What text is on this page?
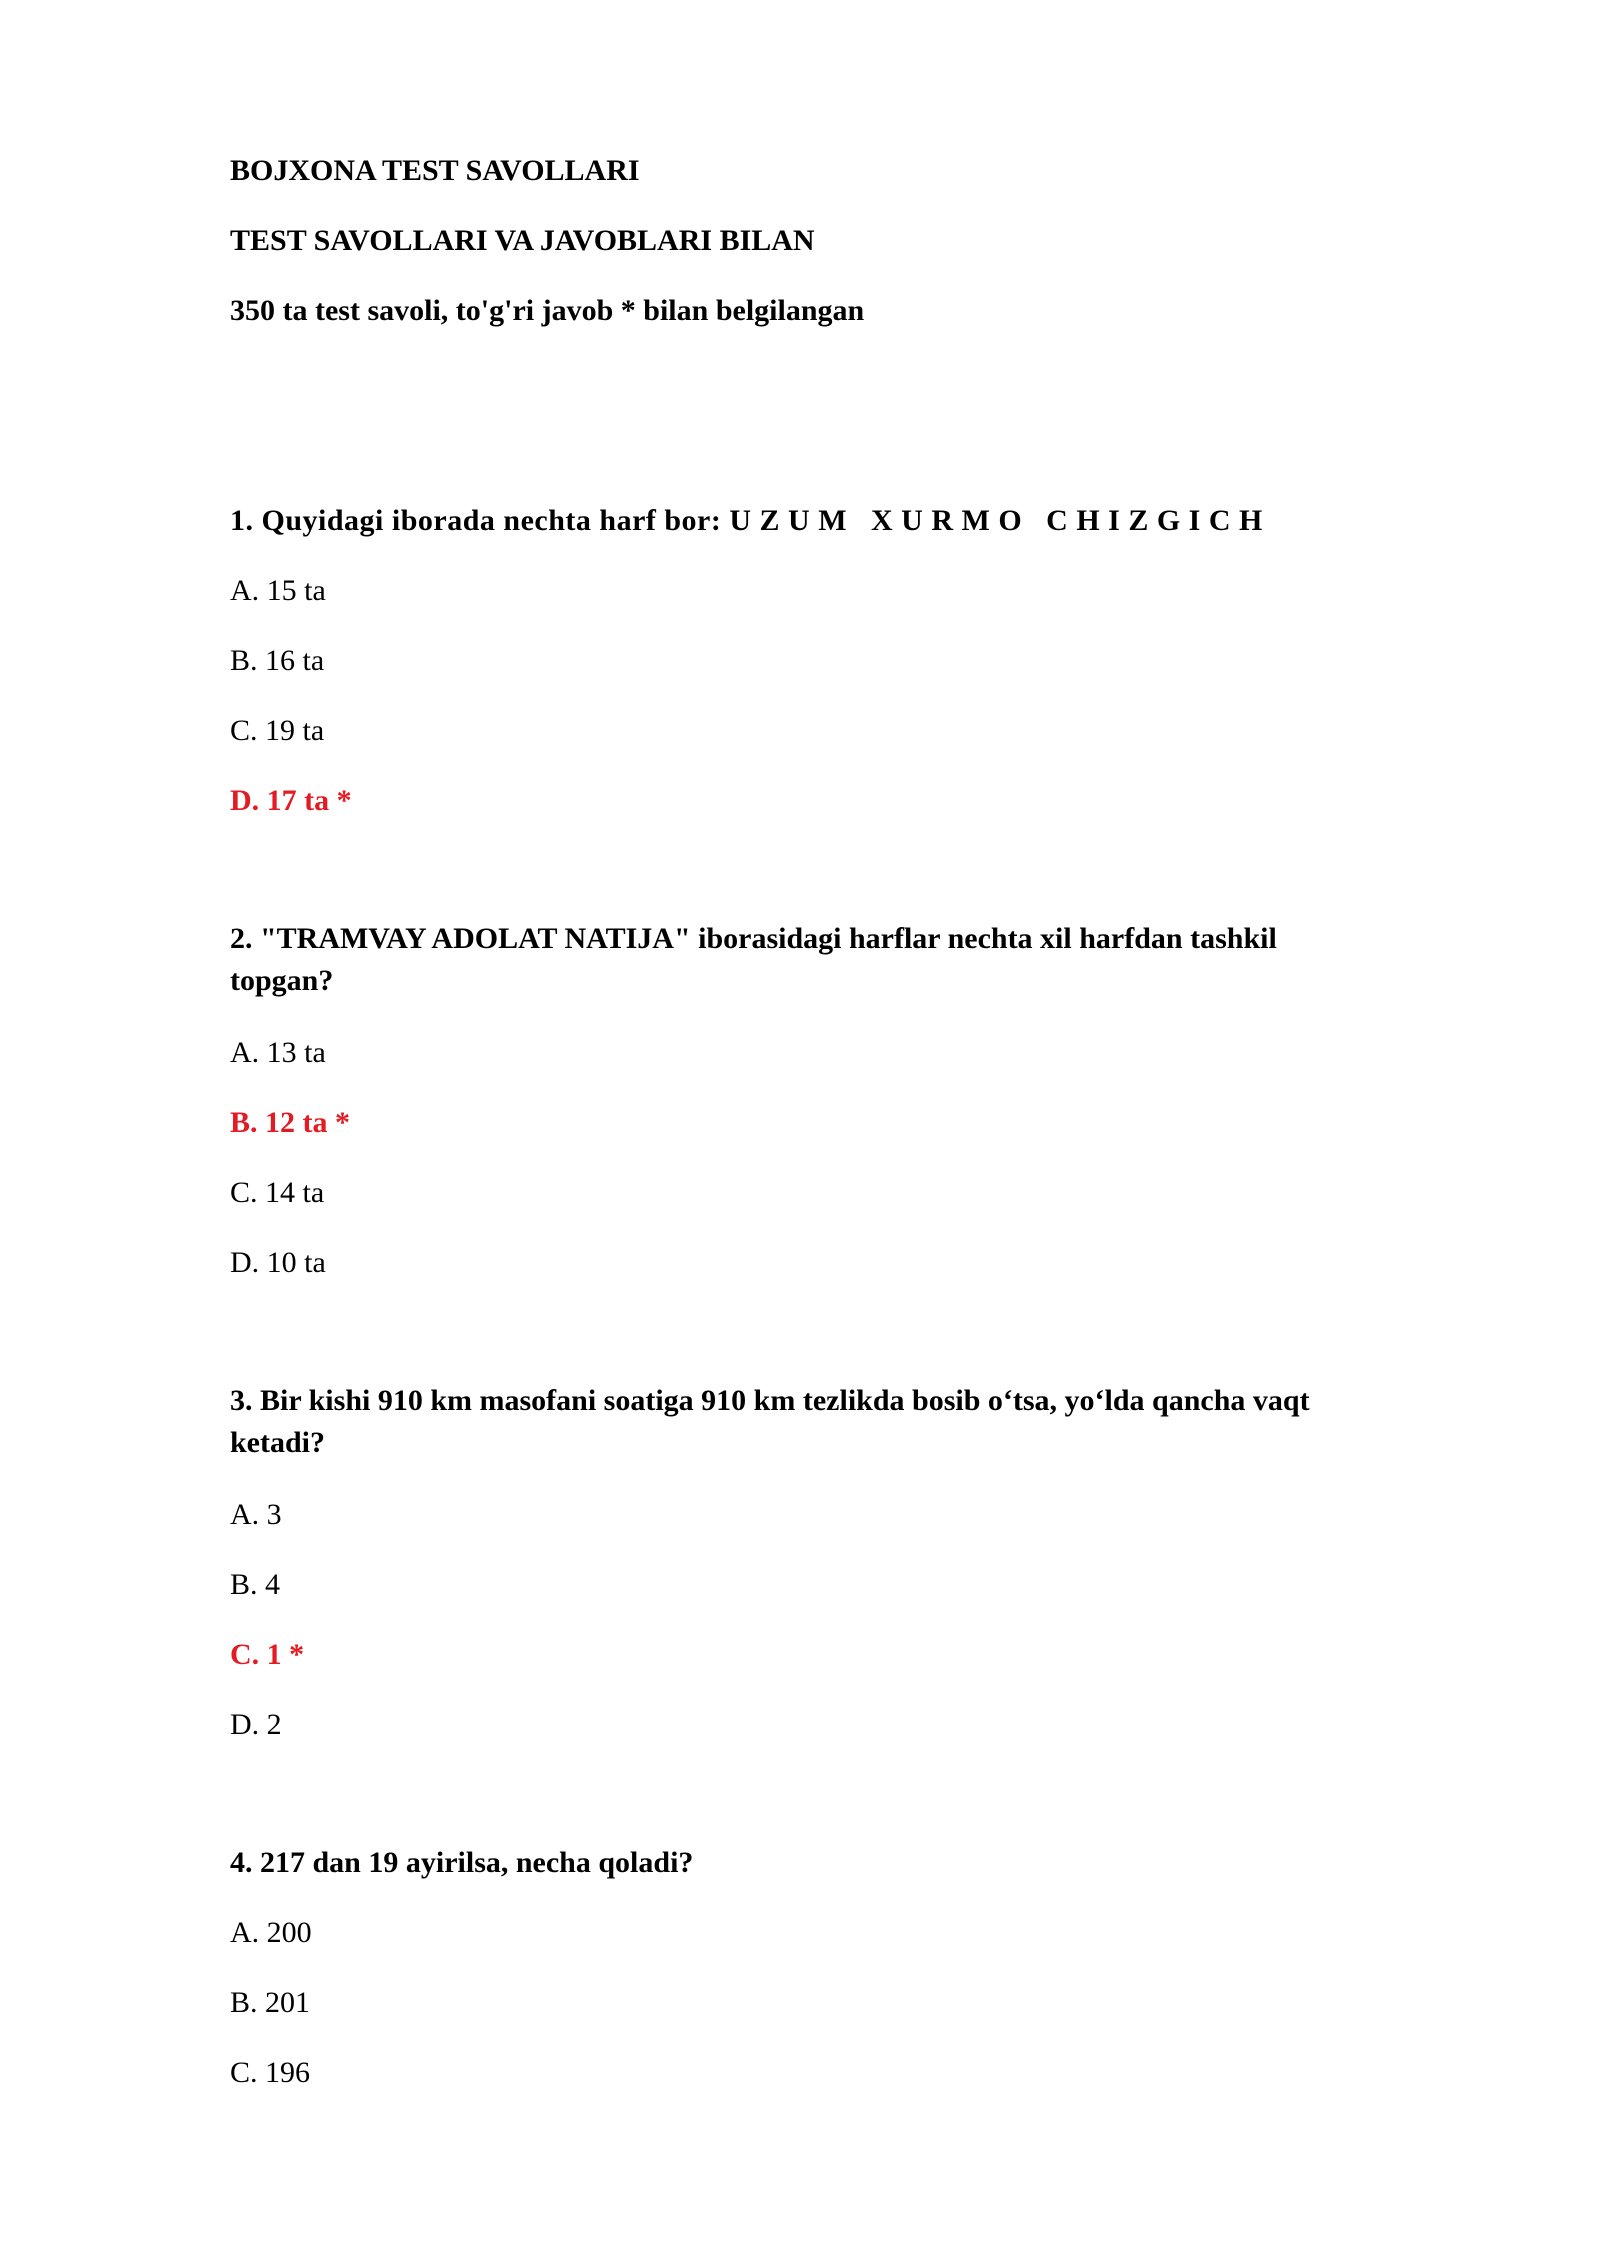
BOJXONA TEST SAVOLLARI
TEST SAVOLLARI VA JAVOBLARI BILAN
350 ta test savoli, to'g'ri javob * bilan belgilangan
1. Quyidagi iborada nechta harf bor: U Z U M   X U R M O   C H I Z G I C H
A. 15 ta
B. 16 ta
C. 19 ta
D. 17 ta *
2. "TRAMVAY ADOLAT NATIJA" iborasidagi harflar nechta xil harfdan tashkil
topgan?
A. 13 ta
B. 12 ta *
C. 14 ta
D. 10 ta
3. Bir kishi 910 km masofani soatiga 910 km tezlikda bosib o‘tsa, yo‘lda qancha vaqt
ketadi?
A. 3
B. 4
C. 1 *
D. 2
4. 217 dan 19 ayirilsa, necha qoladi?
A. 200
B. 201
C. 196
